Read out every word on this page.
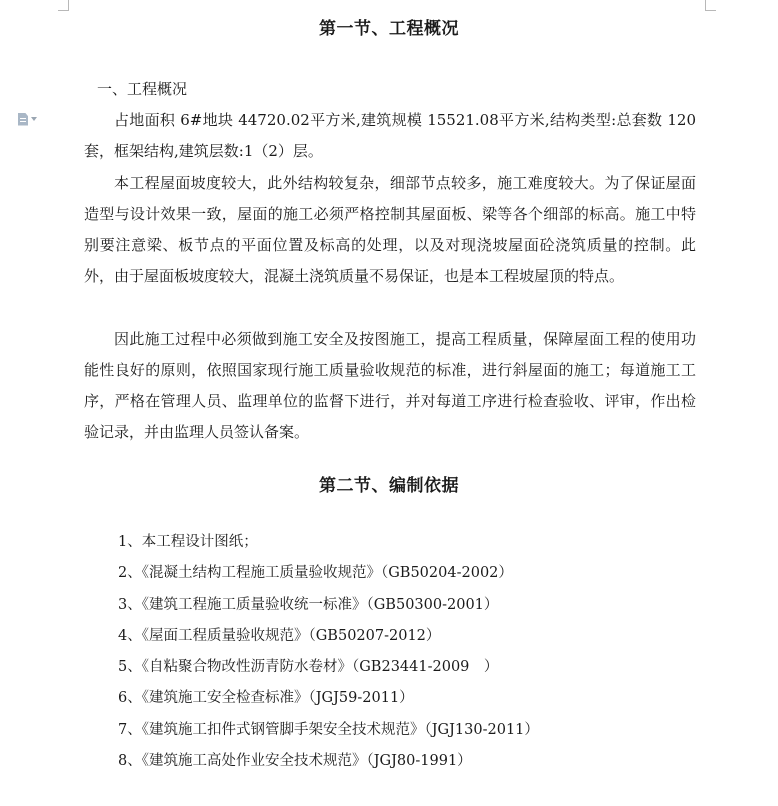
第一节、工程概况

一、工程概况

占地面积 6#地块 44720.02平方米,建筑规模 15521.08平方米,结构类型:总套数 120 套，框架结构,建筑层数:1（2）层。

本工程屋面坡度较大，此外结构较复杂，细部节点较多，施工难度较大。为了保证屋面造型与设计效果一致，屋面的施工必须严格控制其屋面板、梁等各个细部的标高。施工中特别要注意梁、板节点的平面位置及标高的处理，以及对现浇坡屋面砼浇筑质量的控制。此外，由于屋面板坡度较大，混凝土浇筑质量不易保证，也是本工程坡屋顶的特点。

因此施工过程中必须做到施工安全及按图施工，提高工程质量，保障屋面工程的使用功能性良好的原则，依照国家现行施工质量验收规范的标准，进行斜屋面的施工；每道施工工序，严格在管理人员、监理单位的监督下进行，并对每道工序进行检查验收、评审，作出检验记录，并由监理人员签认备案。

第二节、编制依据
1、本工程设计图纸；
2、《混凝土结构工程施工质量验收规范》（GB50204-2002）
3、《建筑工程施工质量验收统一标准》（GB50300-2001）
4、《屋面工程质量验收规范》（GB50207-2012）
5、《自粘聚合物改性沥青防水卷材》（GB23441-2009　）
6、《建筑施工安全检查标准》（JGJ59-2011）
7、《建筑施工扣件式钢管脚手架安全技术规范》（JGJ130-2011）
8、《建筑施工高处作业安全技术规范》（JGJ80-1991）
